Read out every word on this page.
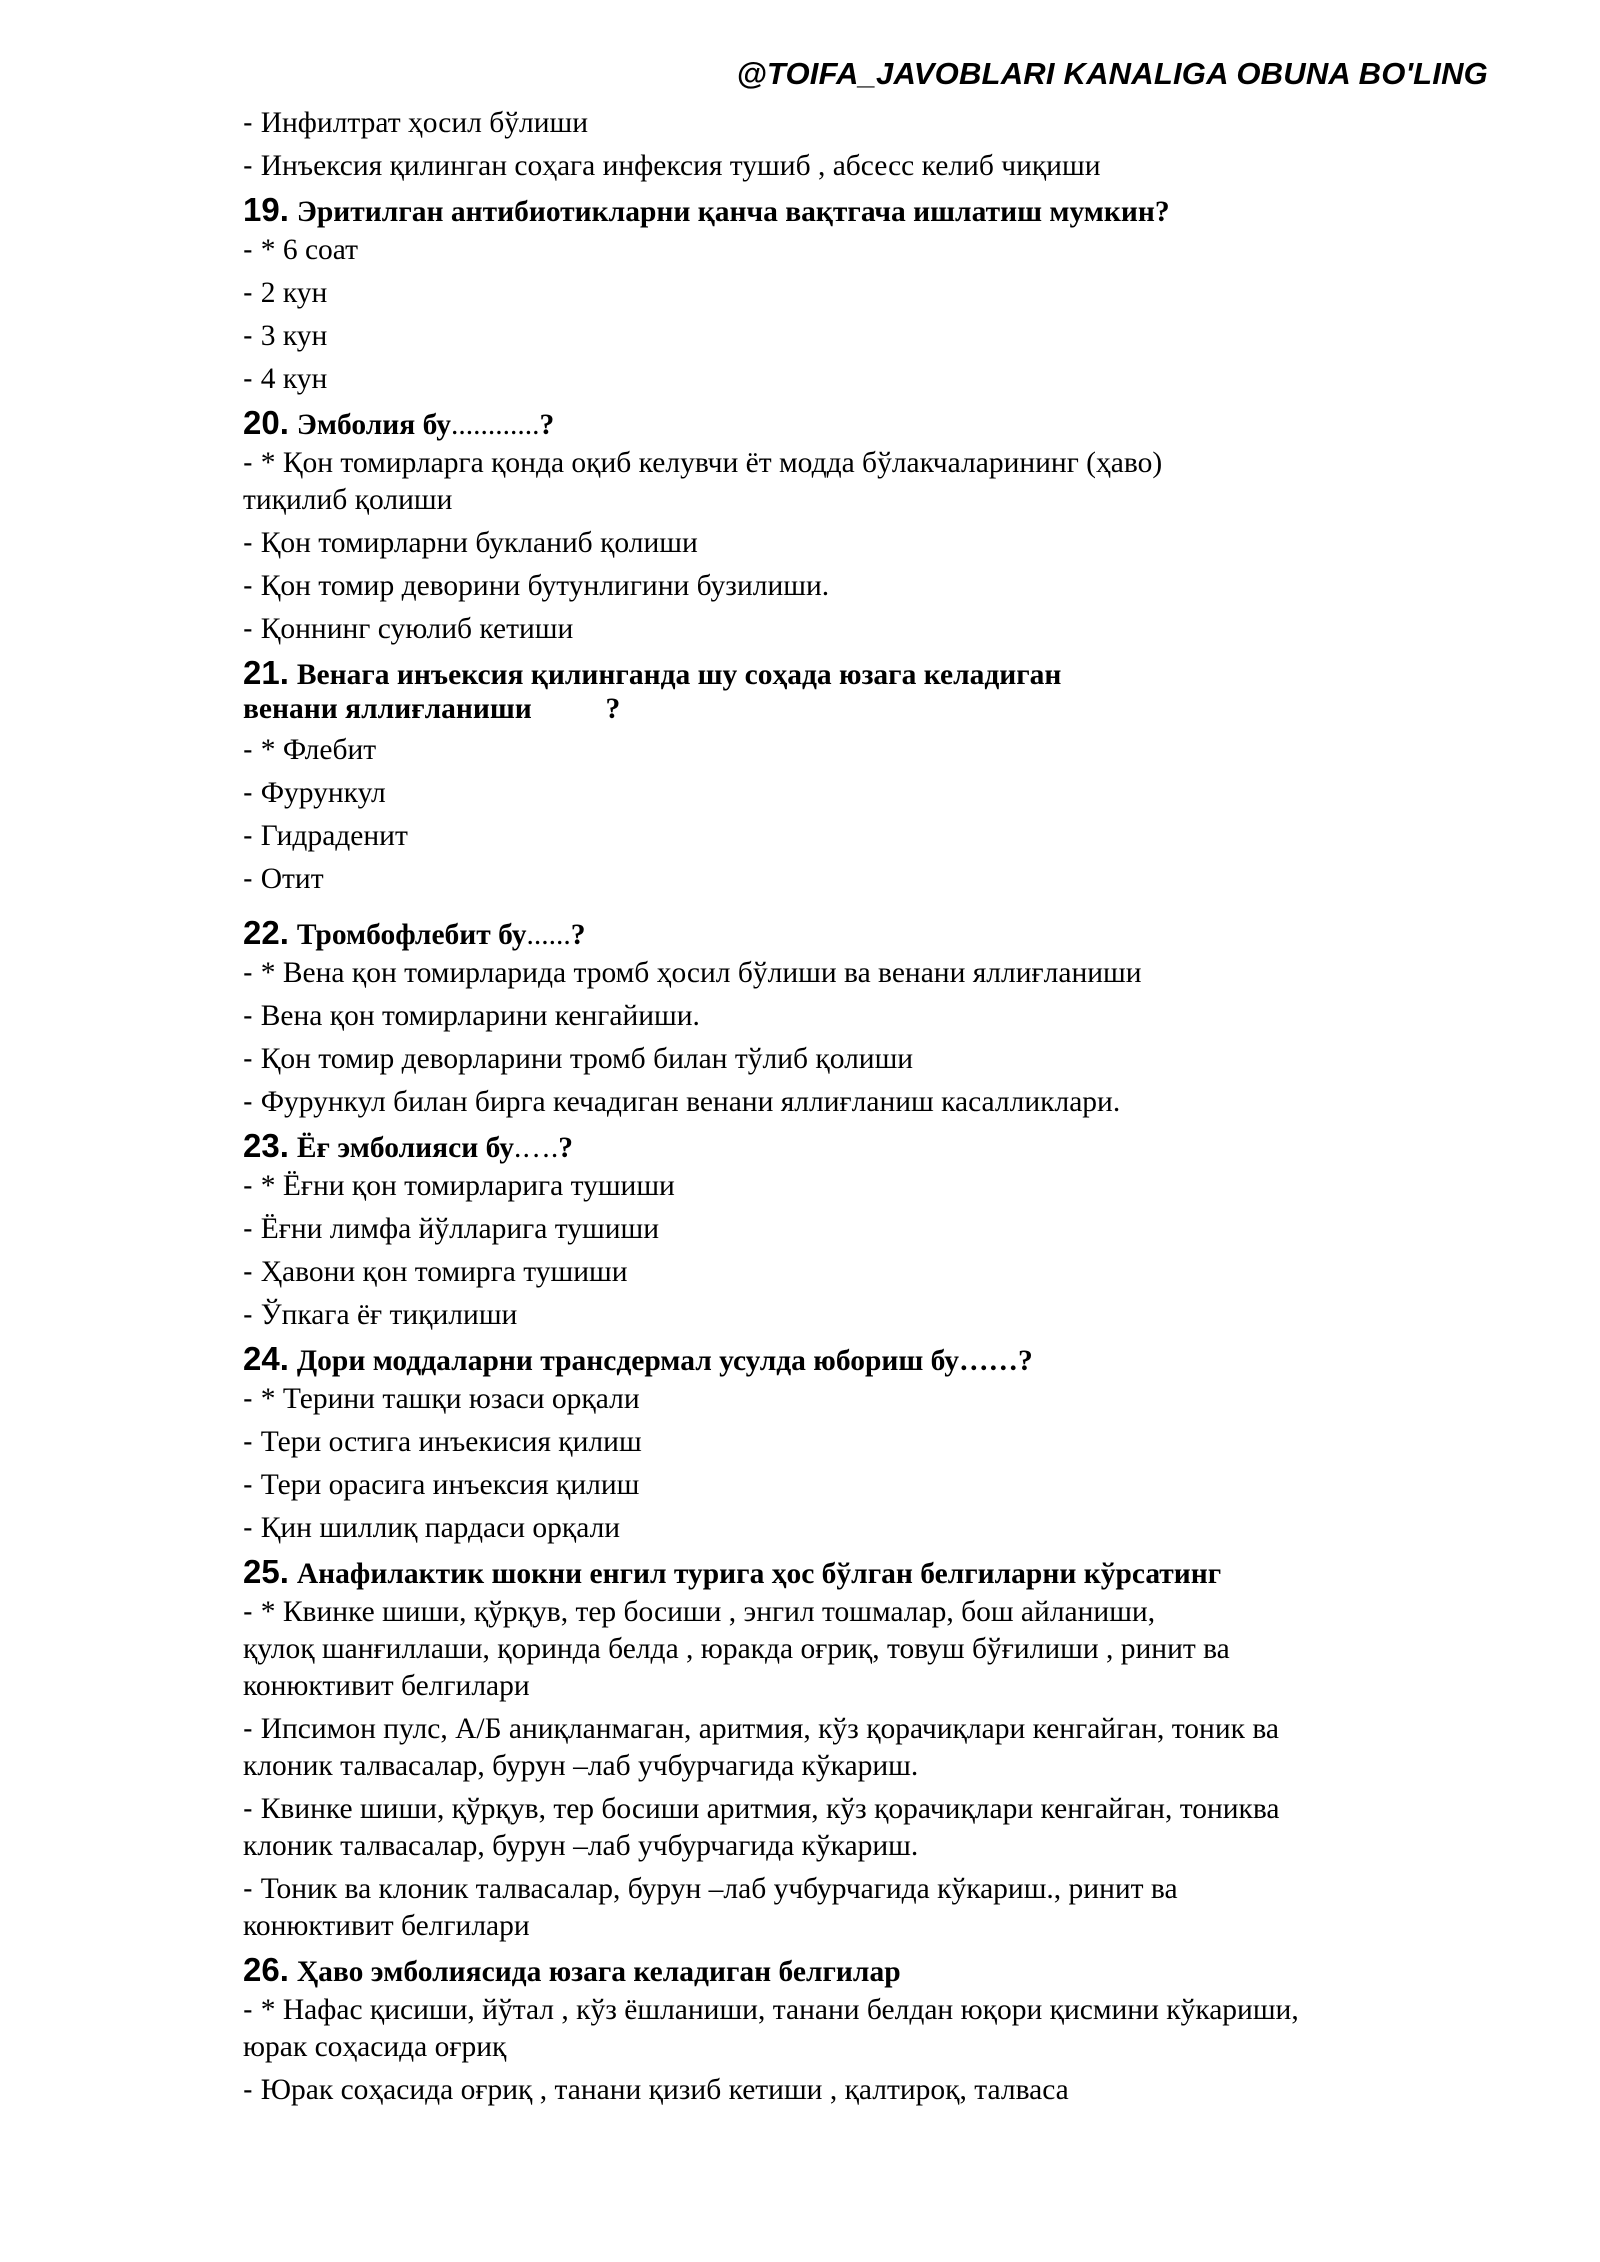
@TOIFA_JAVOBLARI KANALIGA OBUNA BO'LING
- Инфилтрат ҳосил бўлиши
- Инъексия қилинган соҳага инфексия тушиб , абсесс келиб чиқиши
19. Эритилган антибиотикларни қанча вақтгача ишлатиш мумкин?
- * 6 соат
- 2 кун
- 3 кун
- 4 кун
20. Эмболия бу............?
- * Қон томирларга қонда оқиб келувчи ёт модда бўлакчаларининг (ҳаво)
тиқилиб қолиши
- Қон томирларни букланиб қолиши
- Қон томир деворини бутунлигини бузилиши.
- Қоннинг суюлиб кетиши
21. Венага инъексия қилинганда шу соҳада юзага келадиган
венани яллиғланиши          ?
- * Флебит
- Фурункул
- Гидраденит
- Отит
22. Тромбофлебит бу......?
- * Вена қон томирларида тромб ҳосил бўлиши ва венани яллиғланиши
- Вена қон томирларини кенгайиши.
- Қон томир деворларини тромб билан тўлиб қолиши
- Фурункул билан бирга кечадиган венани яллиғланиш касалликлари.
23. Ёғ эмболияси бу.….?
- * Ёғни қон томирларига тушиши
- Ёғни лимфа йўлларига тушиши
- Ҳавони қон томирга тушиши
- Ўпкага ёғ тиқилиши
24. Дори моддаларни трансдермал усулда юбориш бу……?
- * Терини ташқи юзаси орқали
- Тери остига инъекисия қилиш
- Тери орасига инъексия қилиш
- Қин шиллиқ пардаси орқали
25. Анафилактик шокни енгил турига ҳос бўлган белгиларни кўрсатинг
- * Квинке шиши, қўрқув, тер босиши , энгил тошмалар, бош айланиши,
қулоқ шанғиллаши, қоринда белда , юракда оғриқ, товуш бўғилиши , ринит ва
конюктивит белгилари
- Ипсимон пулс, А/Б аниқланмаган, аритмия, кўз қорачиқлари кенгайган, тоник ва
клоник талвасалар, бурун –лаб учбурчагида кўкариш.
- Квинке шиши, қўрқув, тер босиши аритмия, кўз қорачиқлари кенгайган, тониква
клоник талвасалар, бурун –лаб учбурчагида кўкариш.
- Тоник ва клоник талвасалар, бурун –лаб учбурчагида кўкариш., ринит ва
конюктивит белгилари
26. Ҳаво эмболиясида юзага келадиган белгилар
- * Нафас қисиши, йўтал , кўз ёшланиши, танани белдан юқори қисмини кўкариши,
юрак соҳасида оғриқ
- Юрак соҳасида оғриқ , танани қизиб кетиши , қалтироқ, талваса
